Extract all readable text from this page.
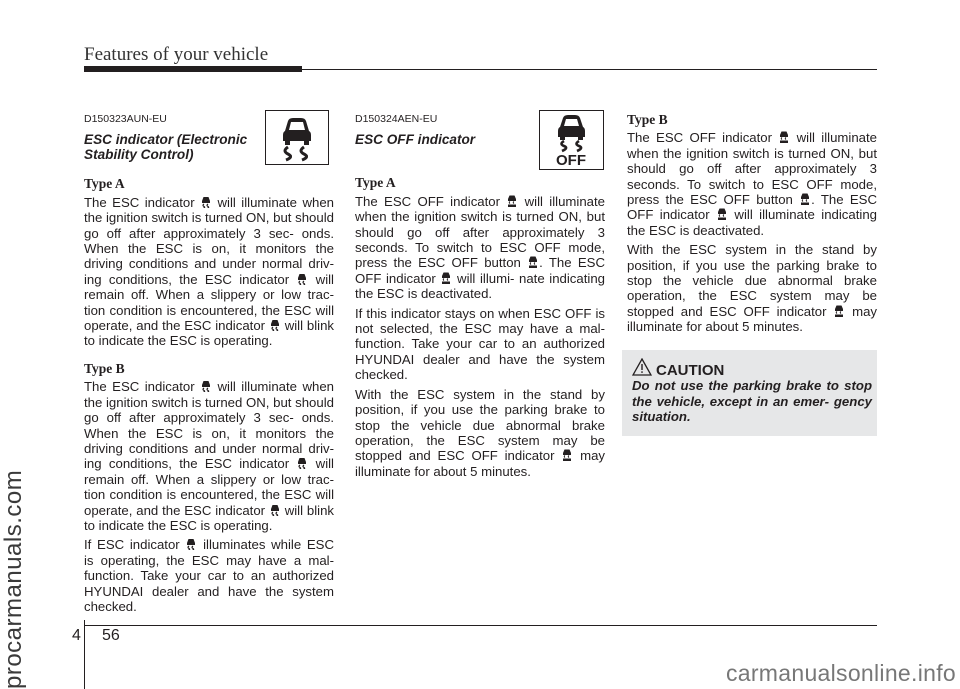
Features of your vehicle
procarmanuals.com
OFF

D150323AUN-EU

ESC indicator (Electronic
Stability Control)

Type A

The ESC indicator
will illuminate when the ignition switch is turned ON, but should go off after approximately 3 sec- onds. When the ESC is on, it monitors the driving conditions and under normal driv- ing conditions, the ESC indicator
will remain off. When a slippery or low trac- tion condition is encountered, the ESC will operate, and the ESC indicator
will blink to indicate the ESC is operating.

Type B

The ESC indicator
will illuminate when the ignition switch is turned ON, but should go off after approximately 3 sec- onds. When the ESC is on, it monitors the driving conditions and under normal driv- ing conditions, the ESC indicator
will remain off. When a slippery or low trac- tion condition is encountered, the ESC will operate, and the ESC indicator
will blink to indicate the ESC is operating.

If ESC indicator
illuminates while ESC is operating, the ESC may have a mal- function. Take your car to an authorized HYUNDAI dealer and have the system checked.

D150324AEN-EU

ESC OFF indicator

Type A

The ESC OFF indicator
will illuminate when the ignition switch is turned ON, but should go off after approximately 3 seconds. To switch to ESC OFF mode, press the ESC OFF button . The ESC OFF indicator
will illumi- nate indicating the ESC is deactivated.

If this indicator stays on when ESC OFF is not selected, the ESC may have a mal- function. Take your car to an authorized HYUNDAI dealer and have the system checked.

With the ESC system in the stand by position, if you use the parking brake to stop the vehicle due abnormal brake operation, the ESC system may be stopped and ESC OFF indicator
may illuminate for about 5 minutes.

Type B

The ESC OFF indicator
will illuminate when the ignition switch is turned ON, but should go off after approximately 3 seconds. To switch to ESC OFF mode, press the ESC OFF button . The ESC OFF indicator
will illuminate indicating the ESC is deactivated.

With the ESC system in the stand by position, if you use the parking brake to stop the vehicle due abnormal brake operation, the ESC system may be stopped and ESC OFF indicator
may illuminate for about 5 minutes.

CAUTION
Do not use the parking brake to stop the vehicle, except in an emer- gency situation.
4 56
carmanualsonline.info
